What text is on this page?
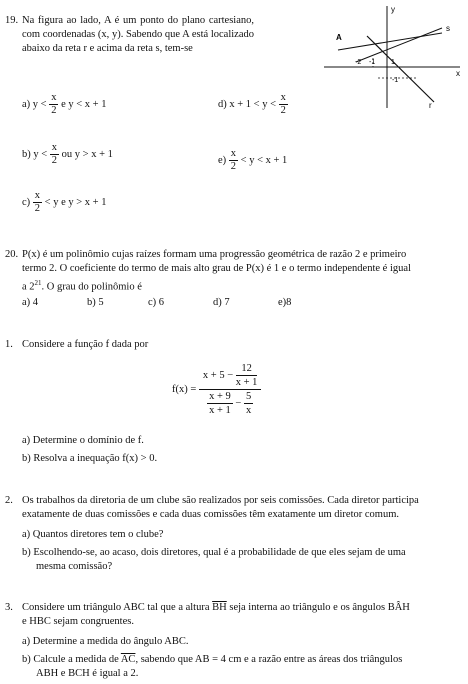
19. Na figura ao lado, A é um ponto do plano cartesiano, com coordenadas (x, y). Sabendo que A está localizado abaixo da reta r e acima da reta s, tem-se
A
y
x
r
s
-2 -1 1
-1
a) $y < \frac{x}{2}$ e y < x + 1	d) $x + 1 < y < \frac{x}{2}$
b) $y < \frac{x}{2}$ ou y > x + 1
$e) \frac{x}{2} < y < x + 1$
$c) \frac{x}{2} < y$ e y > x + 1
20. P(x) é um polinômio cujas raízes formam uma progressão geométrica de razão 2 e primeiro
termo 2. O coeficiente do termo de mais alto grau de P(x) é 1 e o termo independente é igual
a $2^{21}$. O grau do polinômio é
a) 4	b) 5	c) 6	d) 7	e)8
1. Considere a função f dada por
$f(x) = \frac{x + 5 - \frac{12}{x + 1}}{\frac{x + 9}{x + 1} - \frac{5}{x}}$
a) Determine o domínio de f.
b) Resolva a inequação f(x) > 0.
2. Os trabalhos da diretoria de um clube são realizados por seis comissões. Cada diretor participa
exatamente de duas comissões e cada duas comissões têm exatamente um diretor comum.
a) Quantos diretores tem o clube?
b) Escolhendo-se, ao acaso, dois diretores, qual é a probabilidade de que eles sejam de uma
mesma comissão?
3. Considere um triângulo ABC tal que a altura $\overline{BH}$ seja interna ao triângulo e os ângulos BÂH
e HBC sejam congruentes.
a) Determine a medida do ângulo ABC.
b) Calcule a medida de $\overline{AC}$, sabendo que AB = 4 cm e a razão entre as áreas dos triângulos
ABH e BCH é igual a 2.
